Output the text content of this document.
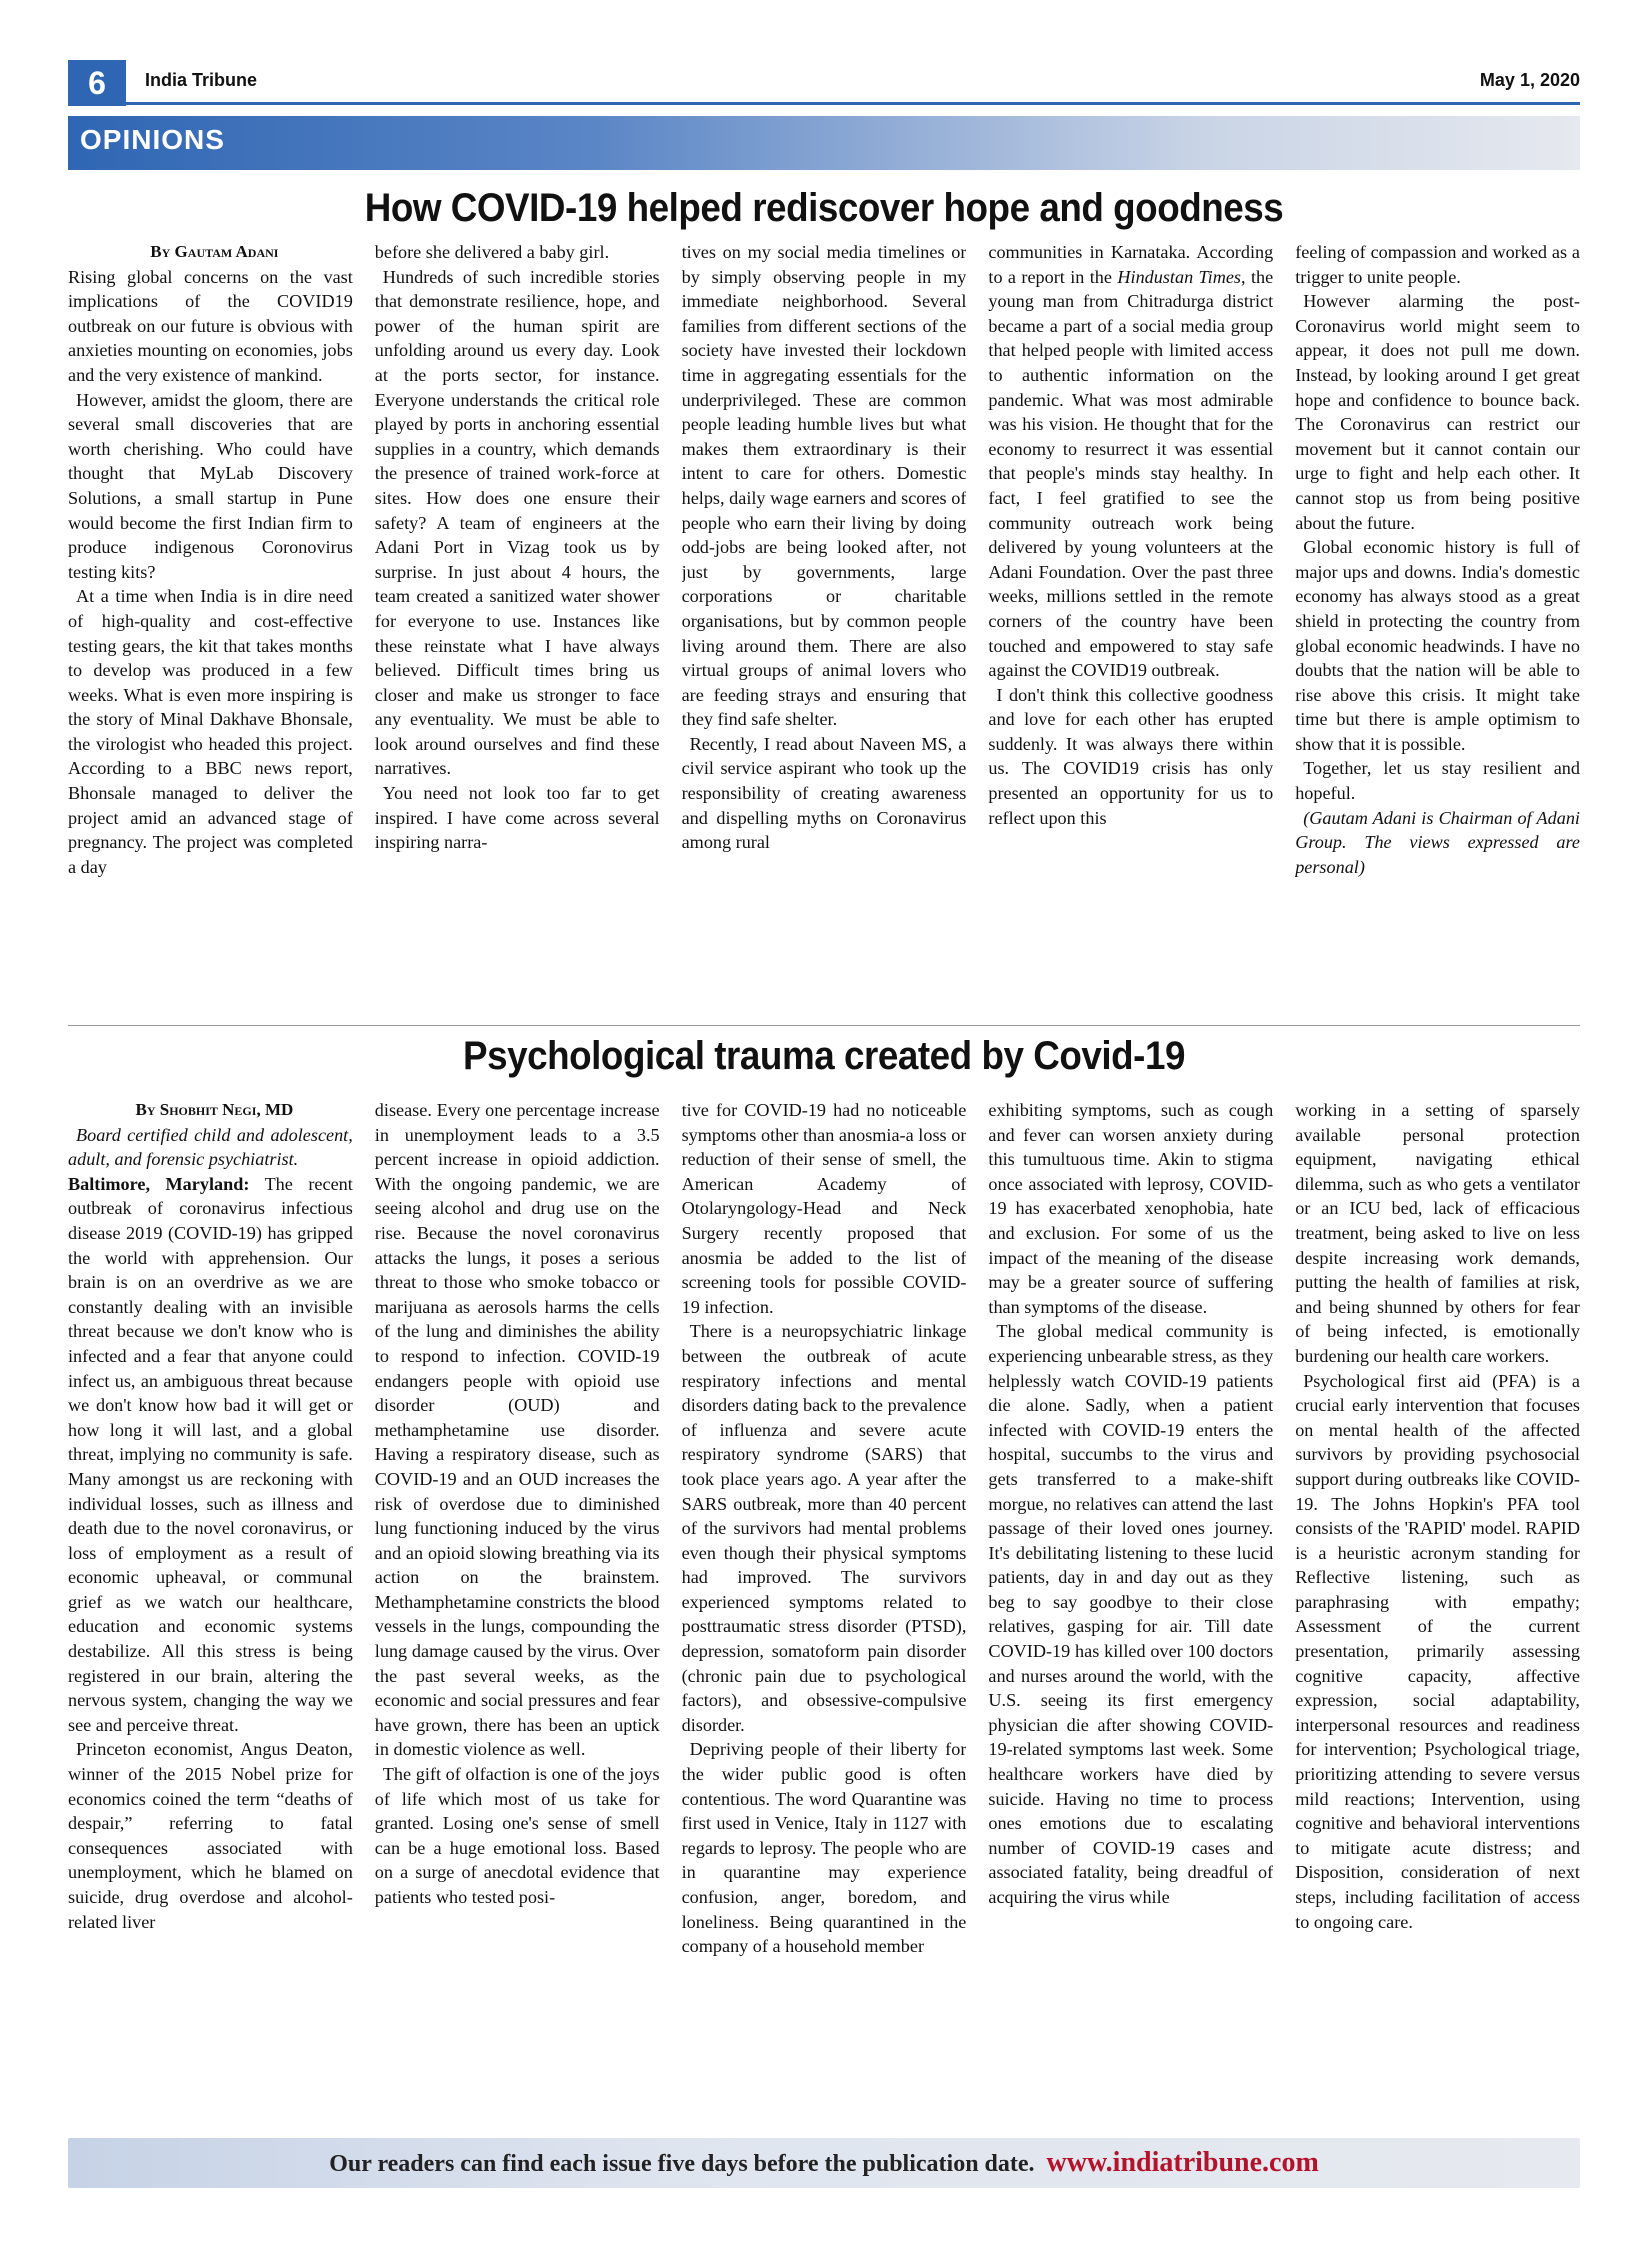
6	India Tribune	May 1, 2020
OPINIONS
How COVID-19 helped rediscover hope and goodness

By Gautam Adani

Rising global concerns on the vast implications of the COVID19 outbreak on our future is obvious with anxieties mounting on economies, jobs and the very existence of mankind.

However, amidst the gloom, there are several small discoveries that are worth cherishing. Who could have thought that MyLab Discovery Solutions, a small startup in Pune would become the first Indian firm to produce indigenous Coronovirus testing kits?

At a time when India is in dire need of high-quality and cost-effective testing gears, the kit that takes months to develop was produced in a few weeks. What is even more inspiring is the story of Minal Dakhave Bhonsale, the virologist who headed this project. According to a BBC news report, Bhonsale managed to deliver the project amid an advanced stage of pregnancy. The project was completed a day

before she delivered a baby girl.

Hundreds of such incredible stories that demonstrate resilience, hope, and power of the human spirit are unfolding around us every day. Look at the ports sector, for instance. Everyone understands the critical role played by ports in anchoring essential supplies in a country, which demands the presence of trained work-force at sites. How does one ensure their safety? A team of engineers at the Adani Port in Vizag took us by surprise. In just about 4 hours, the team created a sanitized water shower for everyone to use. Instances like these reinstate what I have always believed. Difficult times bring us closer and make us stronger to face any eventuality. We must be able to look around ourselves and find these narratives.

You need not look too far to get inspired. I have come across several inspiring narra-

tives on my social media timelines or by simply observing people in my immediate neighborhood. Several families from different sections of the society have invested their lockdown time in aggregating essentials for the underprivileged. These are common people leading humble lives but what makes them extraordinary is their intent to care for others. Domestic helps, daily wage earners and scores of people who earn their living by doing odd-jobs are being looked after, not just by governments, large corporations or charitable organisations, but by common people living around them. There are also virtual groups of animal lovers who are feeding strays and ensuring that they find safe shelter.

Recently, I read about Naveen MS, a civil service aspirant who took up the responsibility of creating awareness and dispelling myths on Coronavirus among rural

communities in Karnataka. According to a report in the Hindustan Times, the young man from Chitradurga district became a part of a social media group that helped people with limited access to authentic information on the pandemic. What was most admirable was his vision. He thought that for the economy to resurrect it was essential that people's minds stay healthy. In fact, I feel gratified to see the community outreach work being delivered by young volunteers at the Adani Foundation. Over the past three weeks, millions settled in the remote corners of the country have been touched and empowered to stay safe against the COVID19 outbreak.

I don't think this collective goodness and love for each other has erupted suddenly. It was always there within us. The COVID19 crisis has only presented an opportunity for us to reflect upon this

feeling of compassion and worked as a trigger to unite people.

However alarming the post-Coronavirus world might seem to appear, it does not pull me down. Instead, by looking around I get great hope and confidence to bounce back. The Coronavirus can restrict our movement but it cannot contain our urge to fight and help each other. It cannot stop us from being positive about the future.

Global economic history is full of major ups and downs. India's domestic economy has always stood as a great shield in protecting the country from global economic headwinds. I have no doubts that the nation will be able to rise above this crisis. It might take time but there is ample optimism to show that it is possible.

Together, let us stay resilient and hopeful.

(Gautam Adani is Chairman of Adani Group. The views expressed are personal)

Psychological trauma created by Covid-19

By Shobhit Negi, MD

Board certified child and adolescent, adult, and forensic psychiatrist.

Baltimore, Maryland: The recent outbreak of coronavirus infectious disease 2019 (COVID-19) has gripped the world with apprehension. Our brain is on an overdrive as we are constantly dealing with an invisible threat because we don't know who is infected and a fear that anyone could infect us, an ambiguous threat because we don't know how bad it will get or how long it will last, and a global threat, implying no community is safe. Many amongst us are reckoning with individual losses, such as illness and death due to the novel coronavirus, or loss of employment as a result of economic upheaval, or communal grief as we watch our healthcare, education and economic systems destabilize. All this stress is being registered in our brain, altering the nervous system, changing the way we see and perceive threat.

Princeton economist, Angus Deaton, winner of the 2015 Nobel prize for economics coined the term “deaths of despair,” referring to fatal consequences associated with unemployment, which he blamed on suicide, drug overdose and alcohol-related liver

disease. Every one percentage increase in unemployment leads to a 3.5 percent increase in opioid addiction. With the ongoing pandemic, we are seeing alcohol and drug use on the rise. Because the novel coronavirus attacks the lungs, it poses a serious threat to those who smoke tobacco or marijuana as aerosols harms the cells of the lung and diminishes the ability to respond to infection. COVID-19 endangers people with opioid use disorder (OUD) and methamphetamine use disorder. Having a respiratory disease, such as COVID-19 and an OUD increases the risk of overdose due to diminished lung functioning induced by the virus and an opioid slowing breathing via its action on the brainstem. Methamphetamine constricts the blood vessels in the lungs, compounding the lung damage caused by the virus. Over the past several weeks, as the economic and social pressures and fear have grown, there has been an uptick in domestic violence as well.

The gift of olfaction is one of the joys of life which most of us take for granted. Losing one's sense of smell can be a huge emotional loss. Based on a surge of anecdotal evidence that patients who tested posi-

tive for COVID-19 had no noticeable symptoms other than anosmia-a loss or reduction of their sense of smell, the American Academy of Otolaryngology-Head and Neck Surgery recently proposed that anosmia be added to the list of screening tools for possible COVID-19 infection.

There is a neuropsychiatric linkage between the outbreak of acute respiratory infections and mental disorders dating back to the prevalence of influenza and severe acute respiratory syndrome (SARS) that took place years ago. A year after the SARS outbreak, more than 40 percent of the survivors had mental problems even though their physical symptoms had improved. The survivors experienced symptoms related to posttraumatic stress disorder (PTSD), depression, somatoform pain disorder (chronic pain due to psychological factors), and obsessive-compulsive disorder.

Depriving people of their liberty for the wider public good is often contentious. The word Quarantine was first used in Venice, Italy in 1127 with regards to leprosy. The people who are in quarantine may experience confusion, anger, boredom, and loneliness. Being quarantined in the company of a household member

exhibiting symptoms, such as cough and fever can worsen anxiety during this tumultuous time. Akin to stigma once associated with leprosy, COVID-19 has exacerbated xenophobia, hate and exclusion. For some of us the impact of the meaning of the disease may be a greater source of suffering than symptoms of the disease.

The global medical community is experiencing unbearable stress, as they helplessly watch COVID-19 patients die alone. Sadly, when a patient infected with COVID-19 enters the hospital, succumbs to the virus and gets transferred to a make-shift morgue, no relatives can attend the last passage of their loved ones journey. It's debilitating listening to these lucid patients, day in and day out as they beg to say goodbye to their close relatives, gasping for air. Till date COVID-19 has killed over 100 doctors and nurses around the world, with the U.S. seeing its first emergency physician die after showing COVID-19-related symptoms last week. Some healthcare workers have died by suicide. Having no time to process ones emotions due to escalating number of COVID-19 cases and associated fatality, being dreadful of acquiring the virus while

working in a setting of sparsely available personal protection equipment, navigating ethical dilemma, such as who gets a ventilator or an ICU bed, lack of efficacious treatment, being asked to live on less despite increasing work demands, putting the health of families at risk, and being shunned by others for fear of being infected, is emotionally burdening our health care workers.

Psychological first aid (PFA) is a crucial early intervention that focuses on mental health of the affected survivors by providing psychosocial support during outbreaks like COVID-19. The Johns Hopkin's PFA tool consists of the 'RAPID' model. RAPID is a heuristic acronym standing for Reflective listening, such as paraphrasing with empathy; Assessment of the current presentation, primarily assessing cognitive capacity, affective expression, social adaptability, interpersonal resources and readiness for intervention; Psychological triage, prioritizing attending to severe versus mild reactions; Intervention, using cognitive and behavioral interventions to mitigate acute distress; and Disposition, consideration of next steps, including facilitation of access to ongoing care.

Our readers can find each issue five days before the publication date. www.indiatribune.com
